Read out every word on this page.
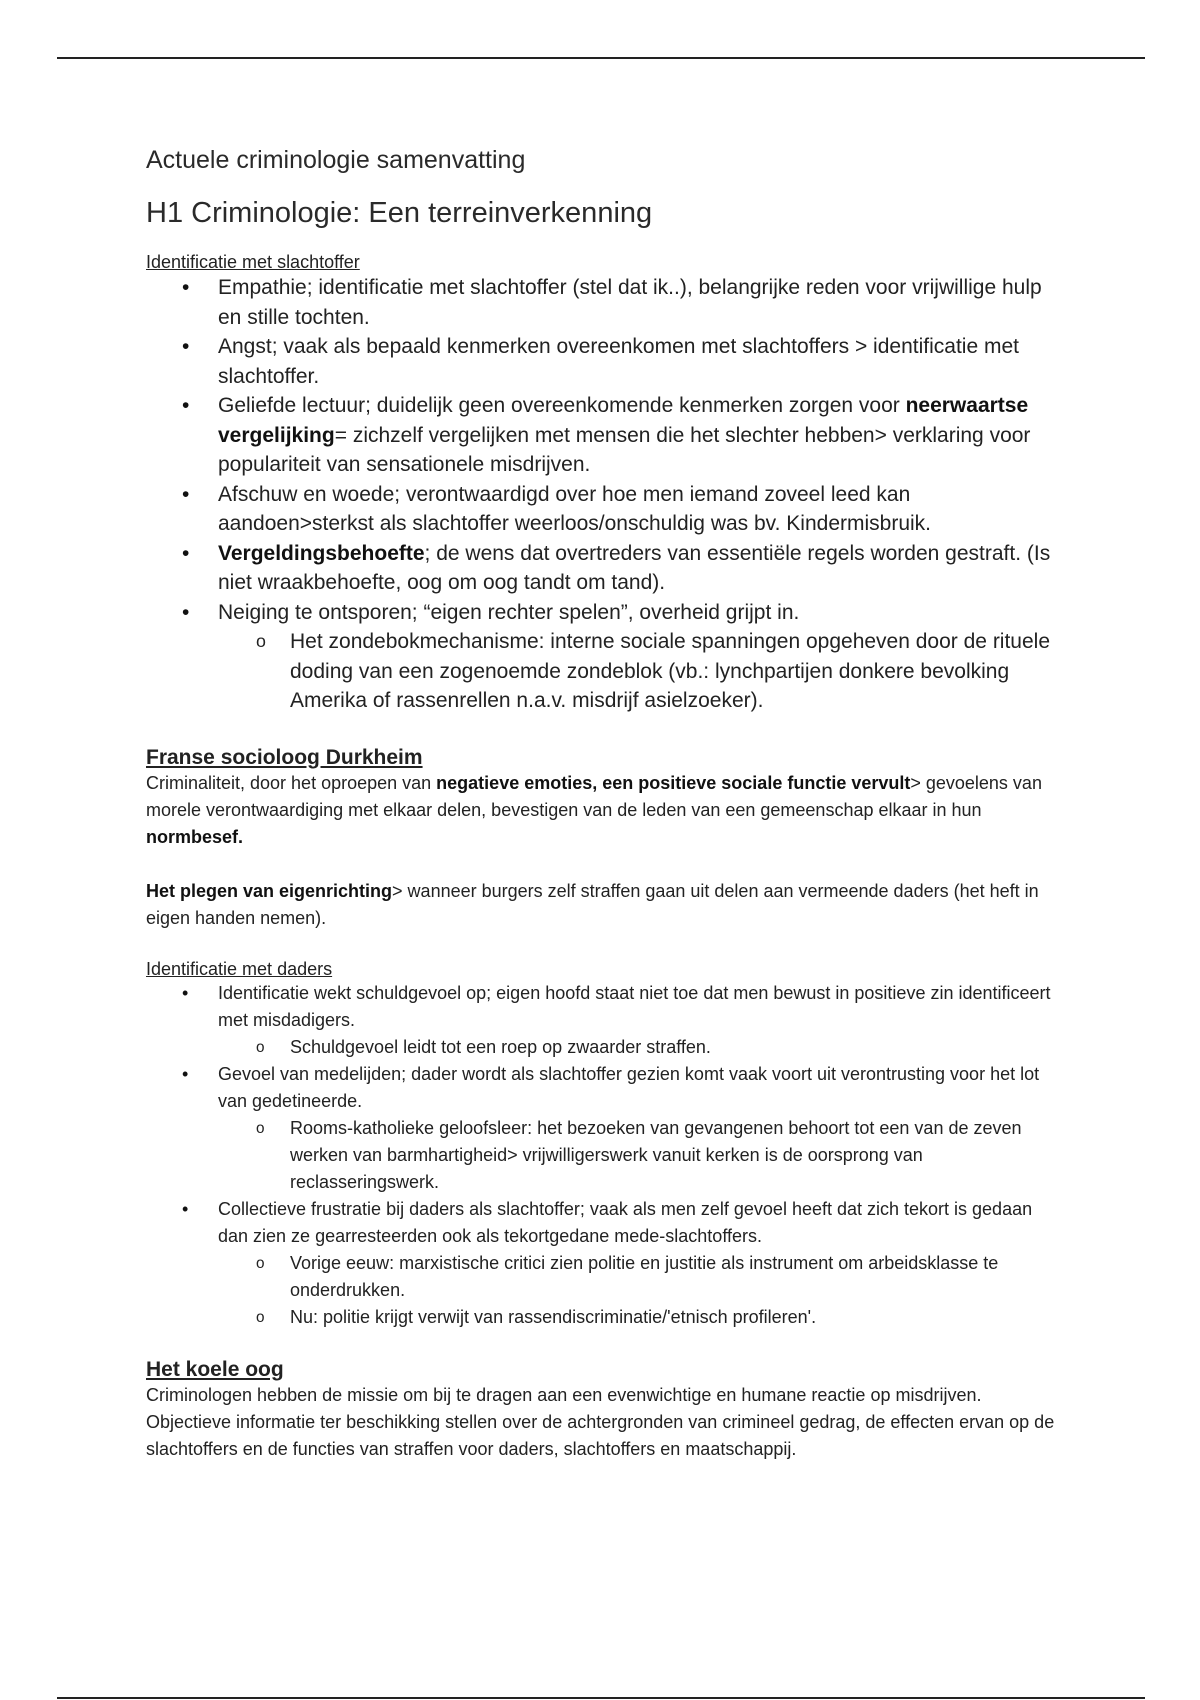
Actuele criminologie samenvatting
H1 Criminologie: Een terreinverkenning

Identificatie met slachtoffer

• Empathie; identificatie met slachtoffer (stel dat ik..), belangrijke reden voor vrijwillige hulp en stille tochten.
• Angst; vaak als bepaald kenmerken overeenkomen met slachtoffers > identificatie met slachtoffer.
• Geliefde lectuur; duidelijk geen overeenkomende kenmerken zorgen voor neerwaartse vergelijking= zichzelf vergelijken met mensen die het slechter hebben> verklaring voor populariteit van sensationele misdrijven.
• Afschuw en woede; verontwaardigd over hoe men iemand zoveel leed kan aandoen>sterkst als slachtoffer weerloos/onschuldig was bv. Kindermisbruik.
• Vergeldingsbehoefte; de wens dat overtreders van essentiële regels worden gestraft. (Is niet wraakbehoefte, oog om oog tandt om tand).
• Neiging te ontsporen; “eigen rechter spelen”, overheid grijpt in.
o Het zondebokmechanisme: interne sociale spanningen opgeheven door de rituele doding van een zogenoemde zondeblok (vb.: lynchpartijen donkere bevolking Amerika of rassenrellen n.a.v. misdrijf asielzoeker).

Franse socioloog Durkheim

Criminaliteit, door het oproepen van negatieve emoties, een positieve sociale functie vervult> gevoelens van morele verontwaardiging met elkaar delen, bevestigen van de leden van een gemeenschap elkaar in hun normbesef.

Het plegen van eigenrichting> wanneer burgers zelf straffen gaan uit delen aan vermeende daders (het heft in eigen handen nemen).

Identificatie met daders

• Identificatie wekt schuldgevoel op; eigen hoofd staat niet toe dat men bewust in positieve zin identificeert met misdadigers.
o Schuldgevoel leidt tot een roep op zwaarder straffen.
• Gevoel van medelijden; dader wordt als slachtoffer gezien komt vaak voort uit verontrusting voor het lot van gedetineerde.
o Rooms-katholieke geloofsleer: het bezoeken van gevangenen behoort tot een van de zeven werken van barmhartigheid> vrijwilligerswerk vanuit kerken is de oorsprong van reclasseringswerk.
• Collectieve frustratie bij daders als slachtoffer; vaak als men zelf gevoel heeft dat zich tekort is gedaan dan zien ze gearresteerden ook als tekortgedane mede-slachtoffers.
o Vorige eeuw: marxistische critici zien politie en justitie als instrument om arbeidsklasse te onderdrukken.
o Nu: politie krijgt verwijt van rassendiscriminatie/'etnisch profileren'.

Het koele oog

Criminologen hebben de missie om bij te dragen aan een evenwichtige en humane reactie op misdrijven. Objectieve informatie ter beschikking stellen over de achtergronden van crimineel gedrag, de effecten ervan op de slachtoffers en de functies van straffen voor daders, slachtoffers en maatschappij.
